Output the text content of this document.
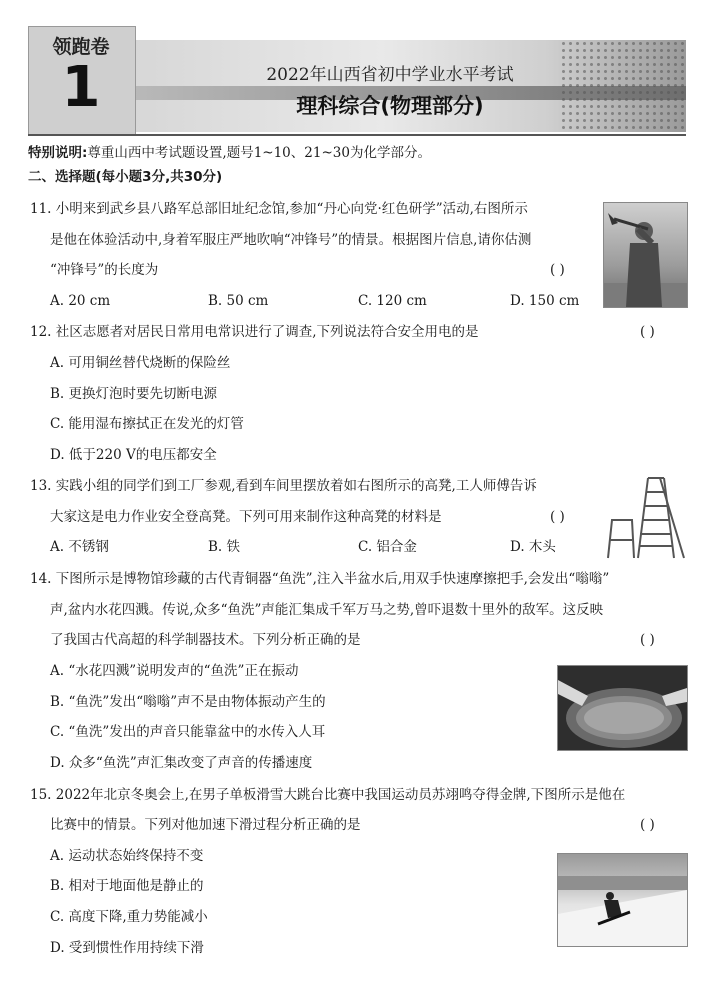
领跑卷
1	2022年山西省初中学业水平考试
理科综合(物理部分)
特别说明:尊重山西中考试题设置,题号1~10、21~30为化学部分。
二、选择题(每小题3分,共30分)
11. 小明来到武乡县八路军总部旧址纪念馆,参加“丹心向党·红色研学”活动,右图所示
是他在体验活动中,身着军服庄严地吹响“冲锋号”的情景。根据图片信息,请你估测
“冲锋号”的长度为	( )
A. 20 cm	B. 50 cm	C. 120 cm	D. 150 cm
12. 社区志愿者对居民日常用电常识进行了调查,下列说法符合安全用电的是	( )
A. 可用铜丝替代烧断的保险丝
B. 更换灯泡时要先切断电源
C. 能用湿布擦拭正在发光的灯管
D. 低于220 V的电压都安全
13. 实践小组的同学们到工厂参观,看到车间里摆放着如右图所示的高凳,工人师傅告诉
大家这是电力作业安全登高凳。下列可用来制作这种高凳的材料是	( )
A. 不锈钢	B. 铁	C. 铝合金	D. 木头
14. 下图所示是博物馆珍藏的古代青铜器“鱼洗”,注入半盆水后,用双手快速摩擦把手,会发出“嗡嗡”
声,盆内水花四溅。传说,众多“鱼洗”声能汇集成千军万马之势,曾吓退数十里外的敌军。这反映
了我国古代高超的科学制器技术。下列分析正确的是	( )
A. “水花四溅”说明发声的“鱼洗”正在振动
B. “鱼洗”发出“嗡嗡”声不是由物体振动产生的
C. “鱼洗”发出的声音只能靠盆中的水传入人耳
D. 众多“鱼洗”声汇集改变了声音的传播速度
15. 2022年北京冬奥会上,在男子单板滑雪大跳台比赛中我国运动员苏翊鸣夺得金牌,下图所示是他在
比赛中的情景。下列对他加速下滑过程分析正确的是	( )
A. 运动状态始终保持不变
B. 相对于地面他是静止的
C. 高度下降,重力势能减小
D. 受到惯性作用持续下滑
